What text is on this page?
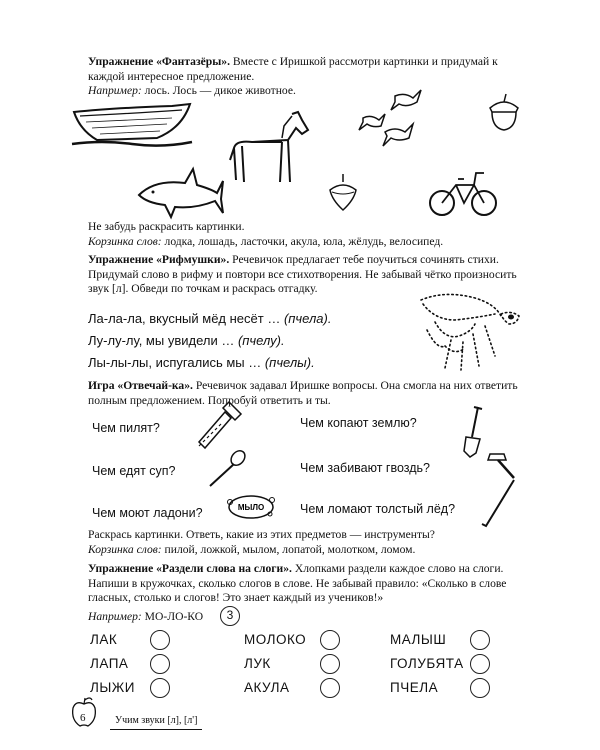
Упражнение «Фантазёры». Вместе с Иришкой рассмотри картинки и придумай к каждой интересное предложение.
Например: лось. Лось — дикое животное.
Не забудь раскрасить картинки.
Корзинка слов: лодка, лошадь, ласточки, акула, юла, жёлудь, велосипед.
Упражнение «Рифмушки». Речевичок предлагает тебе поучиться сочинять стихи. Придумай слово в рифму и повтори все стихотворения. Не забывай чётко произносить звук [л]. Обведи по точкам и раскрась отгадку.
Ла-ла-ла, вкусный мёд несёт … (пчела).
Лу-лу-лу, мы увидели … (пчелу).
Лы-лы-лы, испугались мы … (пчелы).
Игра «Отвечай-ка». Речевичок задавал Иришке вопросы. Она смогла на них ответить полным предложением. Попробуй ответить и ты.
Чем пилят?	Чем копают землю?
Чем едят суп?	Чем забивают гвоздь?
Чем моют ладони?	Чем ломают толстый лёд?
МЫЛО
Раскрась картинки. Ответь, какие из этих предметов — инструменты?
Корзинка слов: пилой, ложкой, мылом, лопатой, молотком, ломом.
Упражнение «Раздели слова на слоги». Хлопками раздели каждое слово на слоги. Напиши в кружочках, сколько слогов в слове. Не забывай правило: «Сколько в слове гласных, столько и слогов! Это знает каждый из учеников!»
Например: МО-ЛО-КО	3
ЛАК	МОЛОКО	МАЛЫШ
ЛАПА	ЛУК	ГОЛУБЯТА
ЛЫЖИ	АКУЛА	ПЧЕЛА
6	Учим звуки [л], [л']
